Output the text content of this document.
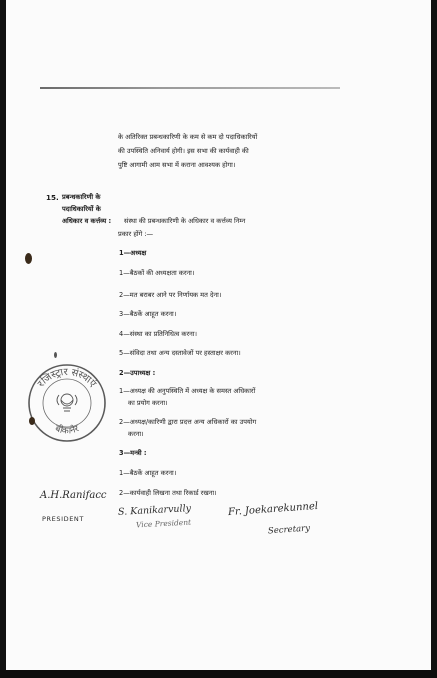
के अतिरिक्त प्रबन्धकारिणी के कम से कम दो पदाधिकारियों
की उपस्थिति अनिवार्य होगी। इस सभा की कार्यवाही की
पुष्टि आगामी आम सभा में कराना आवश्यक होगा।
15. प्रबन्धकारिणी के
पदाधिकारियों के
अधिकार व कर्त्तव्य : संस्था की प्रबन्धकारिणी के अधिकार व कर्त्तव्य निम्न
प्रकार होंगे :—
1—अध्यक्ष
1—बैठकों की अध्यक्षता करना।
2—मत बराबर आने पर निर्णायक मत देना।
3—बैठकें आहूत करना।
4—संस्था का प्रतिनिधित्व करना।
5—संविदा तथा अन्य दस्तावेजों पर हस्ताक्षर करना।
2—उपाध्यक्ष :
1—अध्यक्ष की अनुपस्थिति में अध्यक्ष के समस्त अधिकारों
का प्रयोग करना।
2—अध्यक्ष/कारिणी द्वारा प्रदत्त अन्य अधिकारों का उपयोग
करना।
3—मन्त्री :
1—बैठकें आहूत करना।
2—कार्यवाही लिखना तथा रिकार्ड रखना।
रजिस्ट्रार संस्थाएं
बीकानेर
A.H.Ranifacc
PRESIDENT
S. Kanikarvully
Vice President
Fr. Joekarekunnel
Secretary
